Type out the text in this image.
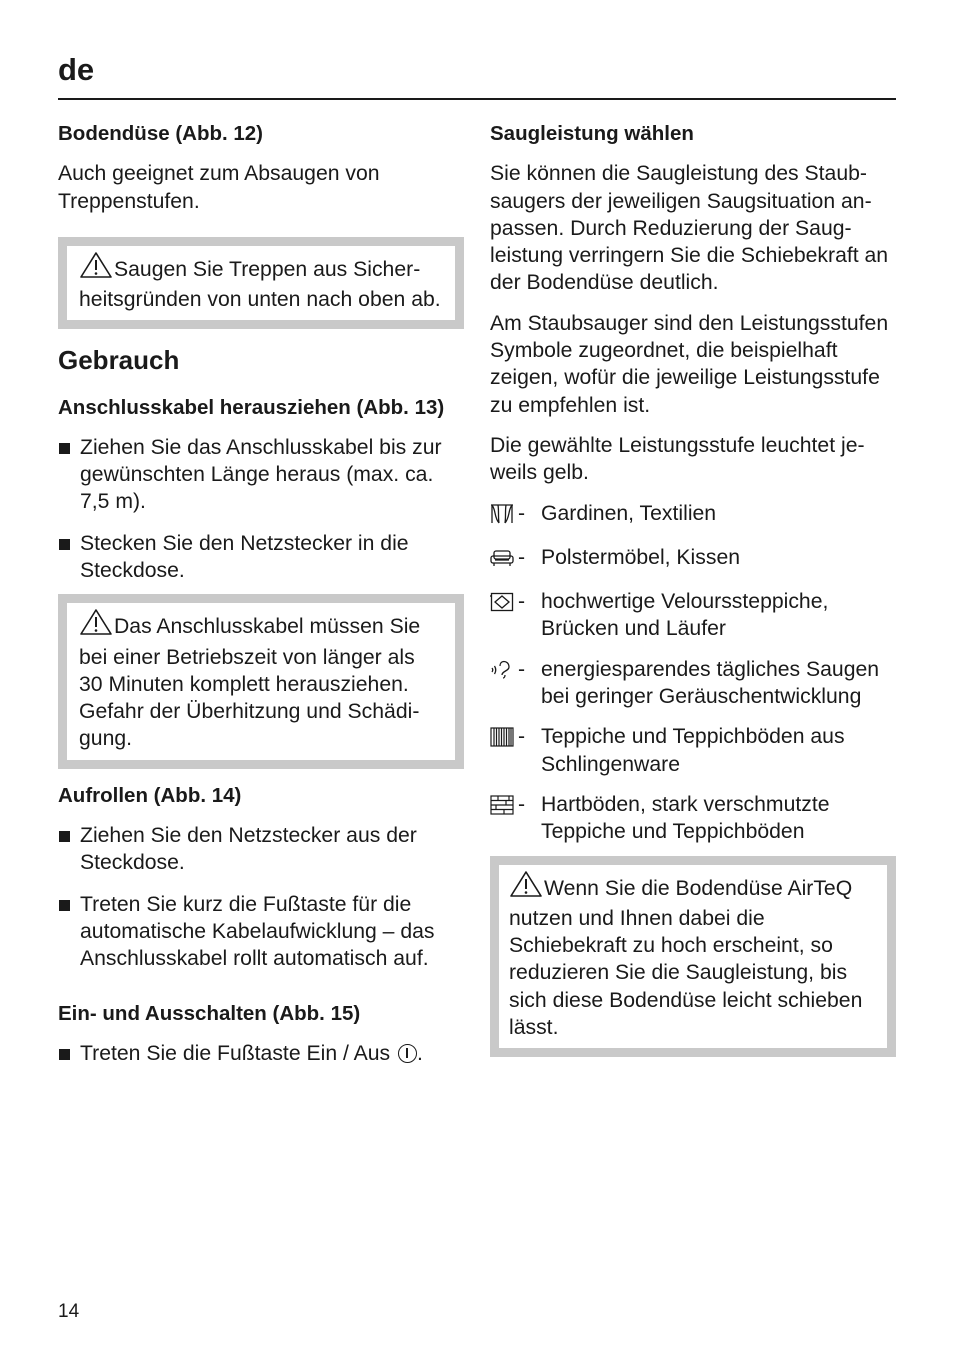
de

Bodendüse (Abb. 12)

Auch geeignet zum Absaugen von Treppenstufen.

Saugen Sie Treppen aus Sicherheitsgründen von unten nach oben ab.

Gebrauch

Anschlusskabel herausziehen (Abb. 13)

Ziehen Sie das Anschlusskabel bis zur gewünschten Länge heraus (max. ca. 7,5 m).
Stecken Sie den Netzstecker in die Steckdose.
Das Anschlusskabel müssen Sie bei einer Betriebszeit von länger als 30 Minuten komplett herausziehen. Gefahr der Überhitzung und Schädigung.

Aufrollen (Abb. 14)

Ziehen Sie den Netzstecker aus der Steckdose.
Treten Sie kurz die Fußtaste für die automatische Kabelaufwicklung – das Anschlusskabel rollt automatisch auf.

Ein- und Ausschalten (Abb. 15)

Treten Sie die Fußtaste Ein / Aus .

Saugleistung wählen

Sie können die Saugleistung des Staubsaugers der jeweiligen Saugsituation anpassen. Durch Reduzierung der Saugleistung verringern Sie die Schiebekraft an der Bodendüse deutlich.

Am Staubsauger sind den Leistungsstufen Symbole zugeordnet, die beispielhaft zeigen, wofür die jeweilige Leistungsstufe zu empfehlen ist.

Die gewählte Leistungsstufe leuchtet jeweils gelb.

- Gardinen, Textilien
- Polstermöbel, Kissen
- hochwertige Velourssteppiche, Brücken und Läufer
- energiesparendes tägliches Saugen bei geringer Geräuschentwicklung
- Teppiche und Teppichböden aus Schlingenware
- Hartböden, stark verschmutzte Teppiche und Teppichböden
Wenn Sie die Bodendüse AirTeQ nutzen und Ihnen dabei die Schiebekraft zu hoch erscheint, so reduzieren Sie die Saugleistung, bis sich diese Bodendüse leicht schieben lässt.
14
